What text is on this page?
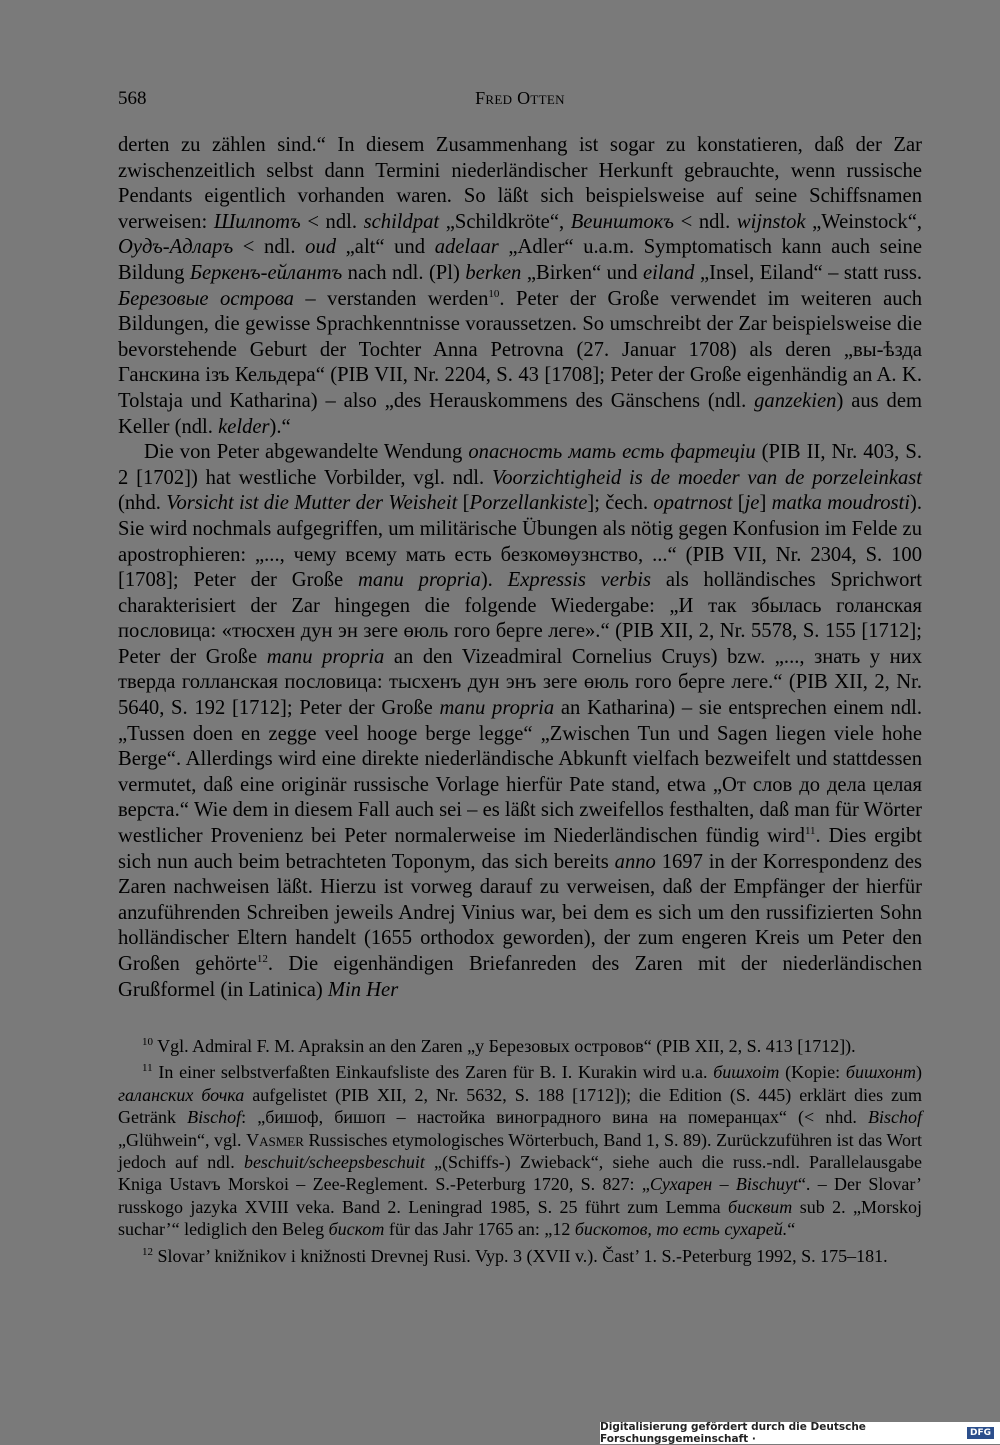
568	Fred Otten

derten zu zählen sind.“ In diesem Zusammenhang ist sogar zu konstatieren, daß der Zar zwischenzeitlich selbst dann Termini niederländischer Herkunft gebrauchte, wenn russische Pendants eigentlich vorhanden waren. So läßt sich beispielsweise auf seine Schiffsnamen verweisen: Шилпотъ < ndl. schildpat „Schildkröte“, Веинштокъ < ndl. wijnstok „Weinstock“, Оудъ-Адларъ < ndl. oud „alt“ und adelaar „Adler“ u.a.m. Symptomatisch kann auch seine Bildung Беркенъ-ейлантъ nach ndl. (Pl) berken „Birken“ und eiland „Insel, Eiland“ – statt russ. Березовые острова – verstanden werden$^{10}$. Peter der Große verwendet im weiteren auch Bildungen, die gewisse Sprachkenntnisse voraussetzen. So umschreibt der Zar beispielsweise die bevorstehende Geburt der Tochter Anna Petrovna (27. Januar 1708) als deren „вы-ѣзда Ганскина ізъ Кельдера“ (PIB VII, Nr. 2204, S. 43 [1708]; Peter der Große eigenhändig an A. K. Tolstaja und Katharina) – also „des Herauskommens des Gänschens (ndl. ganzekien) aus dem Keller (ndl. kelder).“

Die von Peter abgewandelte Wendung опасность мать есть фартеціи (PIB II, Nr. 403, S. 2 [1702]) hat westliche Vorbilder, vgl. ndl. Voorzichtigheid is de moeder van de porzeleinkast (nhd. Vorsicht ist die Mutter der Weisheit [Porzellankiste]; čech. opatrnost [je] matka moudrosti). Sie wird nochmals aufgegriffen, um militärische Übungen als nötig gegen Konfusion im Felde zu apostrophieren: „..., чему всему мать есть безкомѳузнство, ...“ (PIB VII, Nr. 2304, S. 100 [1708]; Peter der Große manu propria). Expressis verbis als holländisches Sprichwort charakterisiert der Zar hingegen die folgende Wiedergabe: „И так збылась голанская пословица: «тюсхен дун эн зеге өюль гого берге леге».“ (PIB XII, 2, Nr. 5578, S. 155 [1712]; Peter der Große manu propria an den Vizeadmiral Cornelius Cruys) bzw. „..., знать у них тверда голланская пословица: тысхенъ дун энъ зеге өюль гого берге леге.“ (PIB XII, 2, Nr. 5640, S. 192 [1712]; Peter der Große manu propria an Katharina) – sie entsprechen einem ndl. „Tussen doen en zegge veel hooge berge legge“ „Zwischen Tun und Sagen liegen viele hohe Berge“. Allerdings wird eine direkte niederländische Abkunft vielfach bezweifelt und stattdessen vermutet, daß eine originär russische Vorlage hierfür Pate stand, etwa „От слов до дела целая верста.“ Wie dem in diesem Fall auch sei – es läßt sich zweifellos festhalten, daß man für Wörter westlicher Provenienz bei Peter normalerweise im Niederländischen fündig wird$^{11}$. Dies ergibt sich nun auch beim betrachteten Toponym, das sich bereits anno 1697 in der Korrespondenz des Zaren nachweisen läßt. Hierzu ist vorweg darauf zu verweisen, daß der Empfänger der hierfür anzuführenden Schreiben jeweils Andrej Vinius war, bei dem es sich um den russifizierten Sohn holländischer Eltern handelt (1655 orthodox geworden), der zum engeren Kreis um Peter den Großen gehörte$^{12}$. Die eigenhändigen Briefanreden des Zaren mit der niederländischen Grußformel (in Latinica) Min Her

$^{10}$ Vgl. Admiral F. M. Apraksin an den Zaren „у Березовых островов“ (PIB XII, 2, S. 413 [1712]).

$^{11}$ In einer selbstverfaßten Einkaufsliste des Zaren für B. I. Kurakin wird u.a. бишхоіт (Kopie: бишхонт) галанских бочка aufgelistet (PIB XII, 2, Nr. 5632, S. 188 [1712]); die Edition (S. 445) erklärt dies zum Getränk Bischof: „бишоф, бишоп – настойка виноградного вина на померанцах“ (< nhd. Bischof „Glühwein“, vgl. Vasmer Russisches etymologisches Wörterbuch, Band 1, S. 89). Zurückzuführen ist das Wort jedoch auf ndl. beschuit/scheepsbeschuit „(Schiffs-) Zwieback“, siehe auch die russ.-ndl. Parallelausgabe Kniga Ustavъ Morskoi – Zee-Reglement. S.-Peterburg 1720, S. 827: „Сухарен – Bischuyt“. – Der Slovar’ russkogo jazyka XVIII veka. Band 2. Leningrad 1985, S. 25 führt zum Lemma бисквит sub 2. „Morskoj suchar’“ lediglich den Beleg бискот für das Jahr 1765 an: „12 бискотов, то есть сухарей.“

$^{12}$ Slovar’ knižnikov i knižnosti Drevnej Rusi. Vyp. 3 (XVII v.). Čast’ 1. S.-Peterburg 1992, S. 175–181.

Digitalisierung gefördert durch die Deutsche Forschungsgemeinschaft ·	DFG
